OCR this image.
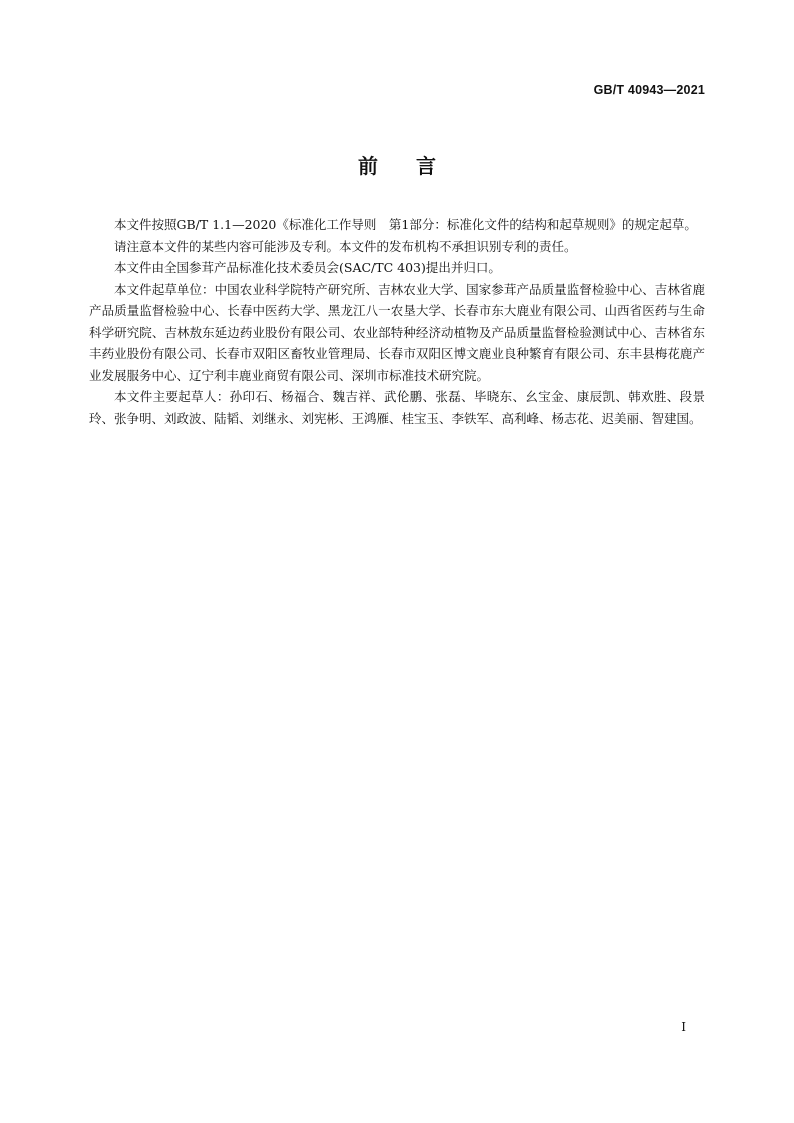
GB/T 40943—2021
前言

本文件按照GB/T 1.1—2020《标准化工作导则　第1部分：标准化文件的结构和起草规则》的规定起草。

请注意本文件的某些内容可能涉及专利。本文件的发布机构不承担识别专利的责任。

本文件由全国参茸产品标准化技术委员会(SAC/TC 403)提出并归口。

本文件起草单位：中国农业科学院特产研究所、吉林农业大学、国家参茸产品质量监督检验中心、吉林省鹿产品质量监督检验中心、长春中医药大学、黑龙江八一农垦大学、长春市东大鹿业有限公司、山西省医药与生命科学研究院、吉林敖东延边药业股份有限公司、农业部特种经济动植物及产品质量监督检验测试中心、吉林省东丰药业股份有限公司、长春市双阳区畜牧业管理局、长春市双阳区博文鹿业良种繁育有限公司、东丰县梅花鹿产业发展服务中心、辽宁利丰鹿业商贸有限公司、深圳市标准技术研究院。

本文件主要起草人：孙印石、杨福合、魏吉祥、武伦鹏、张磊、毕晓东、幺宝金、康辰凯、韩欢胜、段景玲、张争明、刘政波、陆韬、刘继永、刘宪彬、王鸿雁、桂宝玉、李铁军、高利峰、杨志花、迟美丽、智建国。

I
